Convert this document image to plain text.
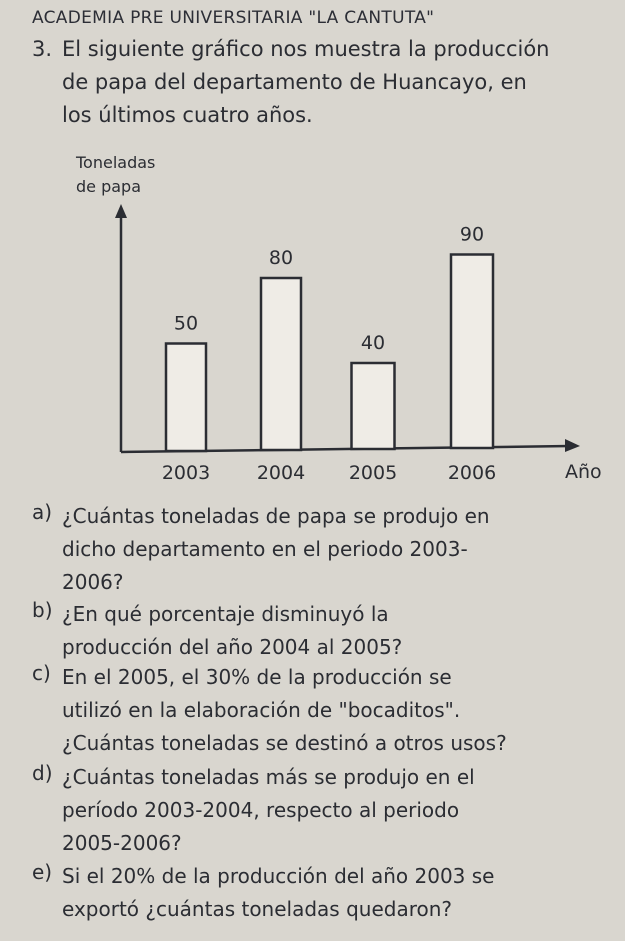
ACADEMIA PRE UNIVERSITARIA "LA CANTUTA"
3. El siguiente gráfico nos muestra la producción
de papa del departamento de Huancayo, en
los últimos cuatro años.
Toneladas
de papa
Año
50
2003
80
2004
40
2005
90
2006
a) ¿Cuántas toneladas de papa se produjo en
dicho departamento en el periodo 2003-
2006?
b) ¿En qué porcentaje disminuyó la
producción del año 2004 al 2005?
c) En el 2005, el 30% de la producción se
utilizó en la elaboración de "bocaditos".
¿Cuántas toneladas se destinó a otros usos?
d) ¿Cuántas toneladas más se produjo en el
período 2003-2004, respecto al periodo
2005-2006?
e) Si el 20% de la producción del año 2003 se
exportó ¿cuántas toneladas quedaron?
